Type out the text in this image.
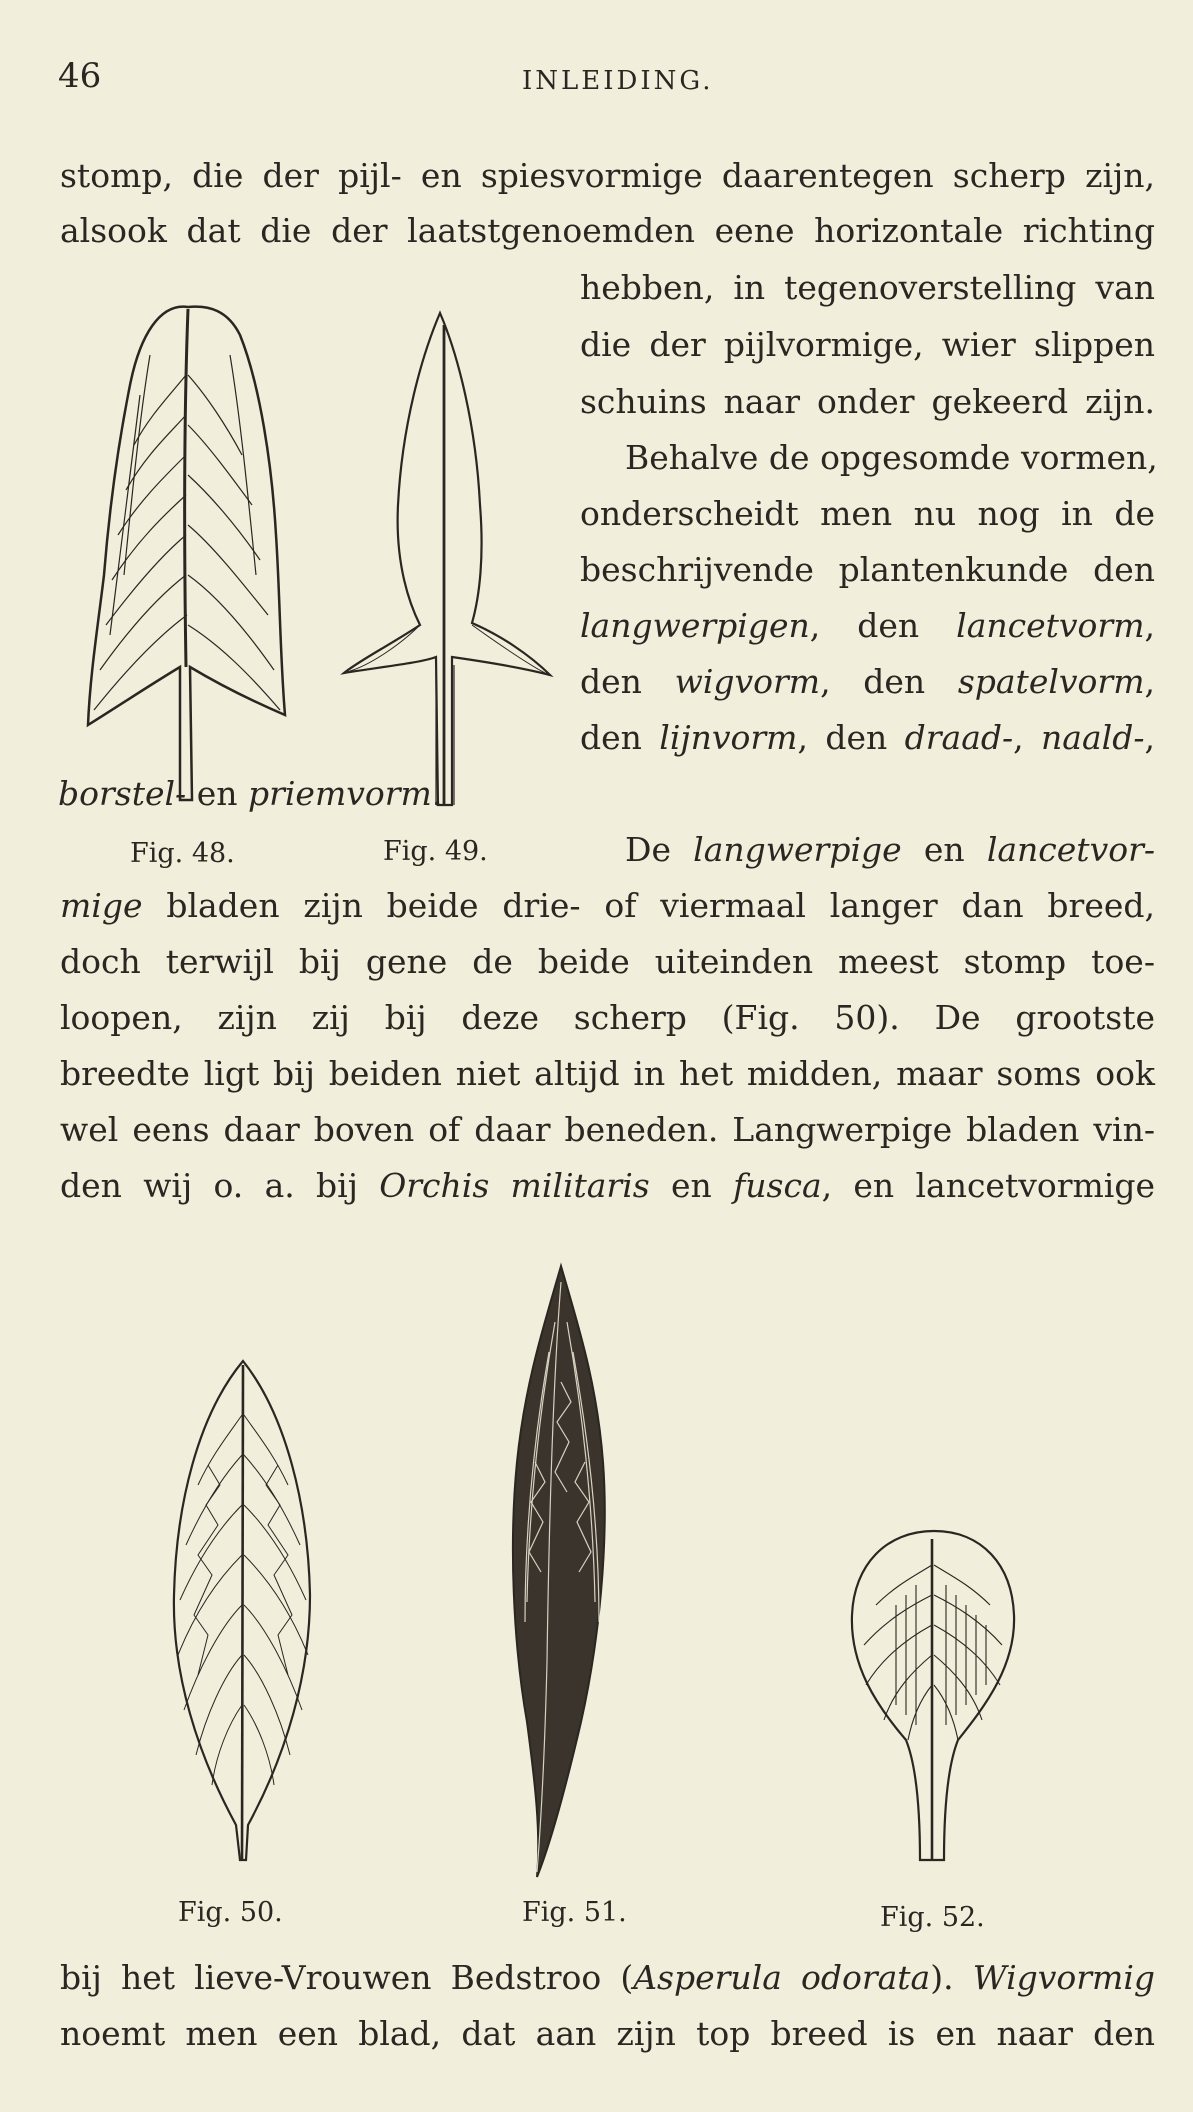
46	INLEIDING.
stomp, die der pijl- en spiesvormige daarentegen scherp zijn,
alsook dat die der laatstgenoemden eene horizontale richting
hebben, in tegenoverstelling van
die der pijlvormige, wier slippen
schuins naar onder gekeerd zijn.
Behalve de opgesomde vormen,
onderscheidt men nu nog in de
beschrijvende plantenkunde den
langwerpigen, den lancetvorm,
den wigvorm, den spatelvorm,
den lijnvorm, den draad-, naald-,
borstel- en priemvorm.
Fig. 48.	Fig. 49.	De langwerpige en lancetvor-
mige bladen zijn beide drie- of viermaal langer dan breed,
doch terwijl bij gene de beide uiteinden meest stomp toe-
loopen, zijn zij bij deze scherp (Fig. 50). De grootste
breedte ligt bij beiden niet altijd in het midden, maar soms ook
wel eens daar boven of daar beneden. Langwerpige bladen vin-
den wij o. a. bij Orchis militaris en fusca, en lancetvormige
Fig. 50.	Fig. 51.	Fig. 52.
bij het lieve-Vrouwen Bedstroo (Asperula odorata). Wigvormig
noemt men een blad, dat aan zijn top breed is en naar den
